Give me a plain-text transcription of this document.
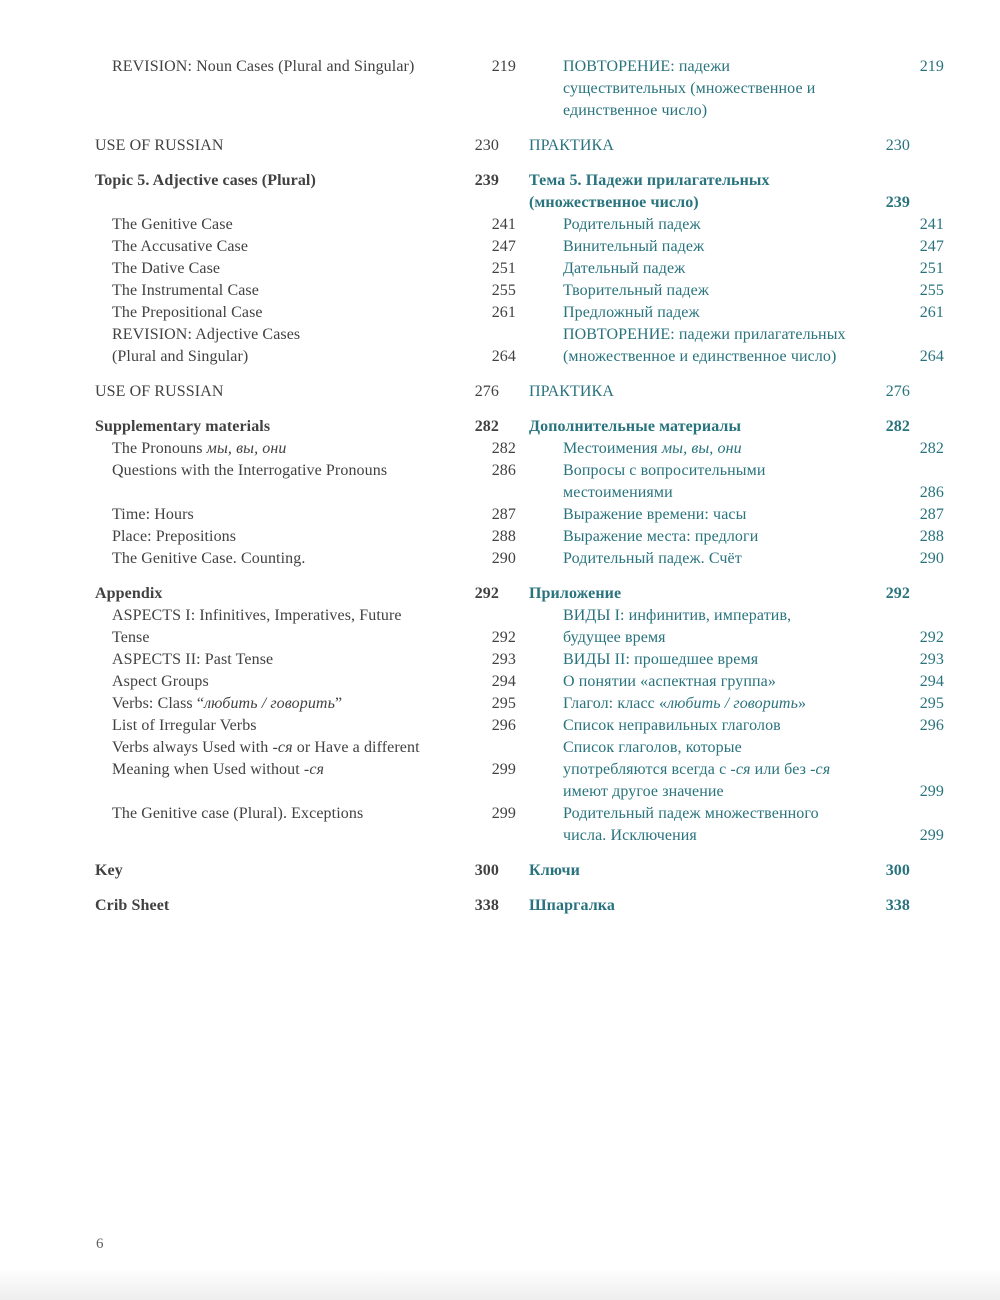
REVISION: Noun Cases (Plural and Singular)	219	ПОВТОРЕНИЕ: падежи	219
существительных (множественное и
единственное число)
USE OF RUSSIAN	230 ПРАКТИКА	230
Topic 5. Adjective cases (Plural)	239 Тема 5. Падежи прилагательных
(множественное число)	239
The Genitive Case	241	Родительный падеж	241
The Accusative Case	247	Винительный падеж	247
The Dative Case	251	Дательный падеж	251
The Instrumental Case	255	Творительный падеж	255
The Prepositional Case	261	Предложный падеж	261
REVISION: Adjective Cases
(Plural and Singular)	264
ПОВТОРЕНИЕ: падежи прилагательных
(множественное и единственное число)	264
USE OF RUSSIAN	276 ПРАКТИКА	276
Supplementary materials	282 Дополнительные материалы	282
The Pronouns мы, вы, они	282	Местоимения мы, вы, они	282
Questions with the Interrogative Pronouns	286	Вопросы с вопросительными
местоимениями	286
Time: Hours	287	Выражение времени: часы	287
Place: Prepositions	288	Выражение места: предлоги	288
The Genitive Case. Counting.	290	Родительный падеж. Счёт	290
Appendix	292 Приложение	292
ASPECTS I: Infinitives, Imperatives, Future
Tense	292
ВИДЫ I: инфинитив, императив,
будущее время	292
ASPECTS II: Past Tense	293	ВИДЫ II: прошедшее время	293
Aspect Groups	294	О понятии «аспектная группа»	294
Verbs: Class “любить / говорить”	295	Глагол: класс «любить / говорить»	295
List of Irregular Verbs	296	Список неправильных глаголов	296
Verbs always Used with -ся or Have a different
Meaning when Used without -ся	299
Список глаголов, которые
употребляются всегда с -ся или без -ся
имеют другое значение	299
The Genitive case (Plural). Exceptions	299	Родительный падеж множественного
числа. Исключения	299
Key	300 Ключи	300
Crib Sheet	338 Шпаргалка	338
6
